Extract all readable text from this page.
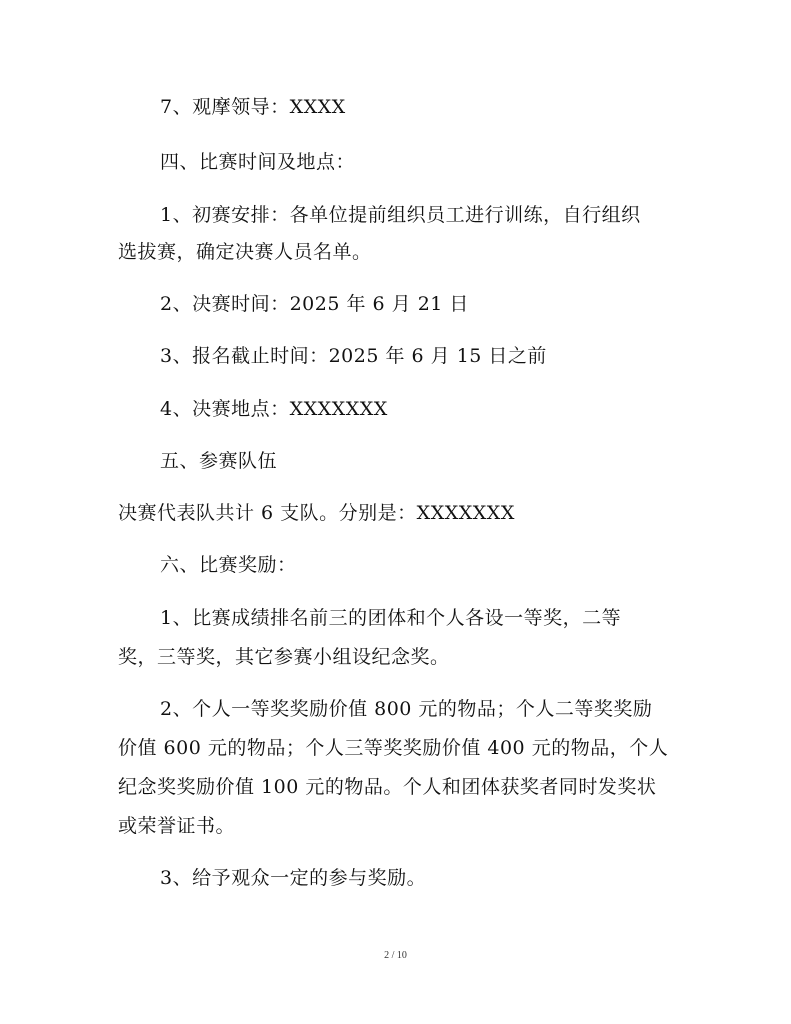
7、观摩领导：XXXX
四、比赛时间及地点：
1、初赛安排：各单位提前组织员工进行训练，自行组织
选拔赛，确定决赛人员名单。
2、决赛时间：2025 年 6 月 21 日
3、报名截止时间：2025 年 6 月 15 日之前
4、决赛地点：XXXXXXX
五、参赛队伍
决赛代表队共计 6 支队。分别是：XXXXXXX
六、比赛奖励：
1、比赛成绩排名前三的团体和个人各设一等奖，二等
奖，三等奖，其它参赛小组设纪念奖。
2、个人一等奖奖励价值 800 元的物品；个人二等奖奖励
价值 600 元的物品；个人三等奖奖励价值 400 元的物品，个人
纪念奖奖励价值 100 元的物品。个人和团体获奖者同时发奖状
或荣誉证书。
3、给予观众一定的参与奖励。
2 / 10
